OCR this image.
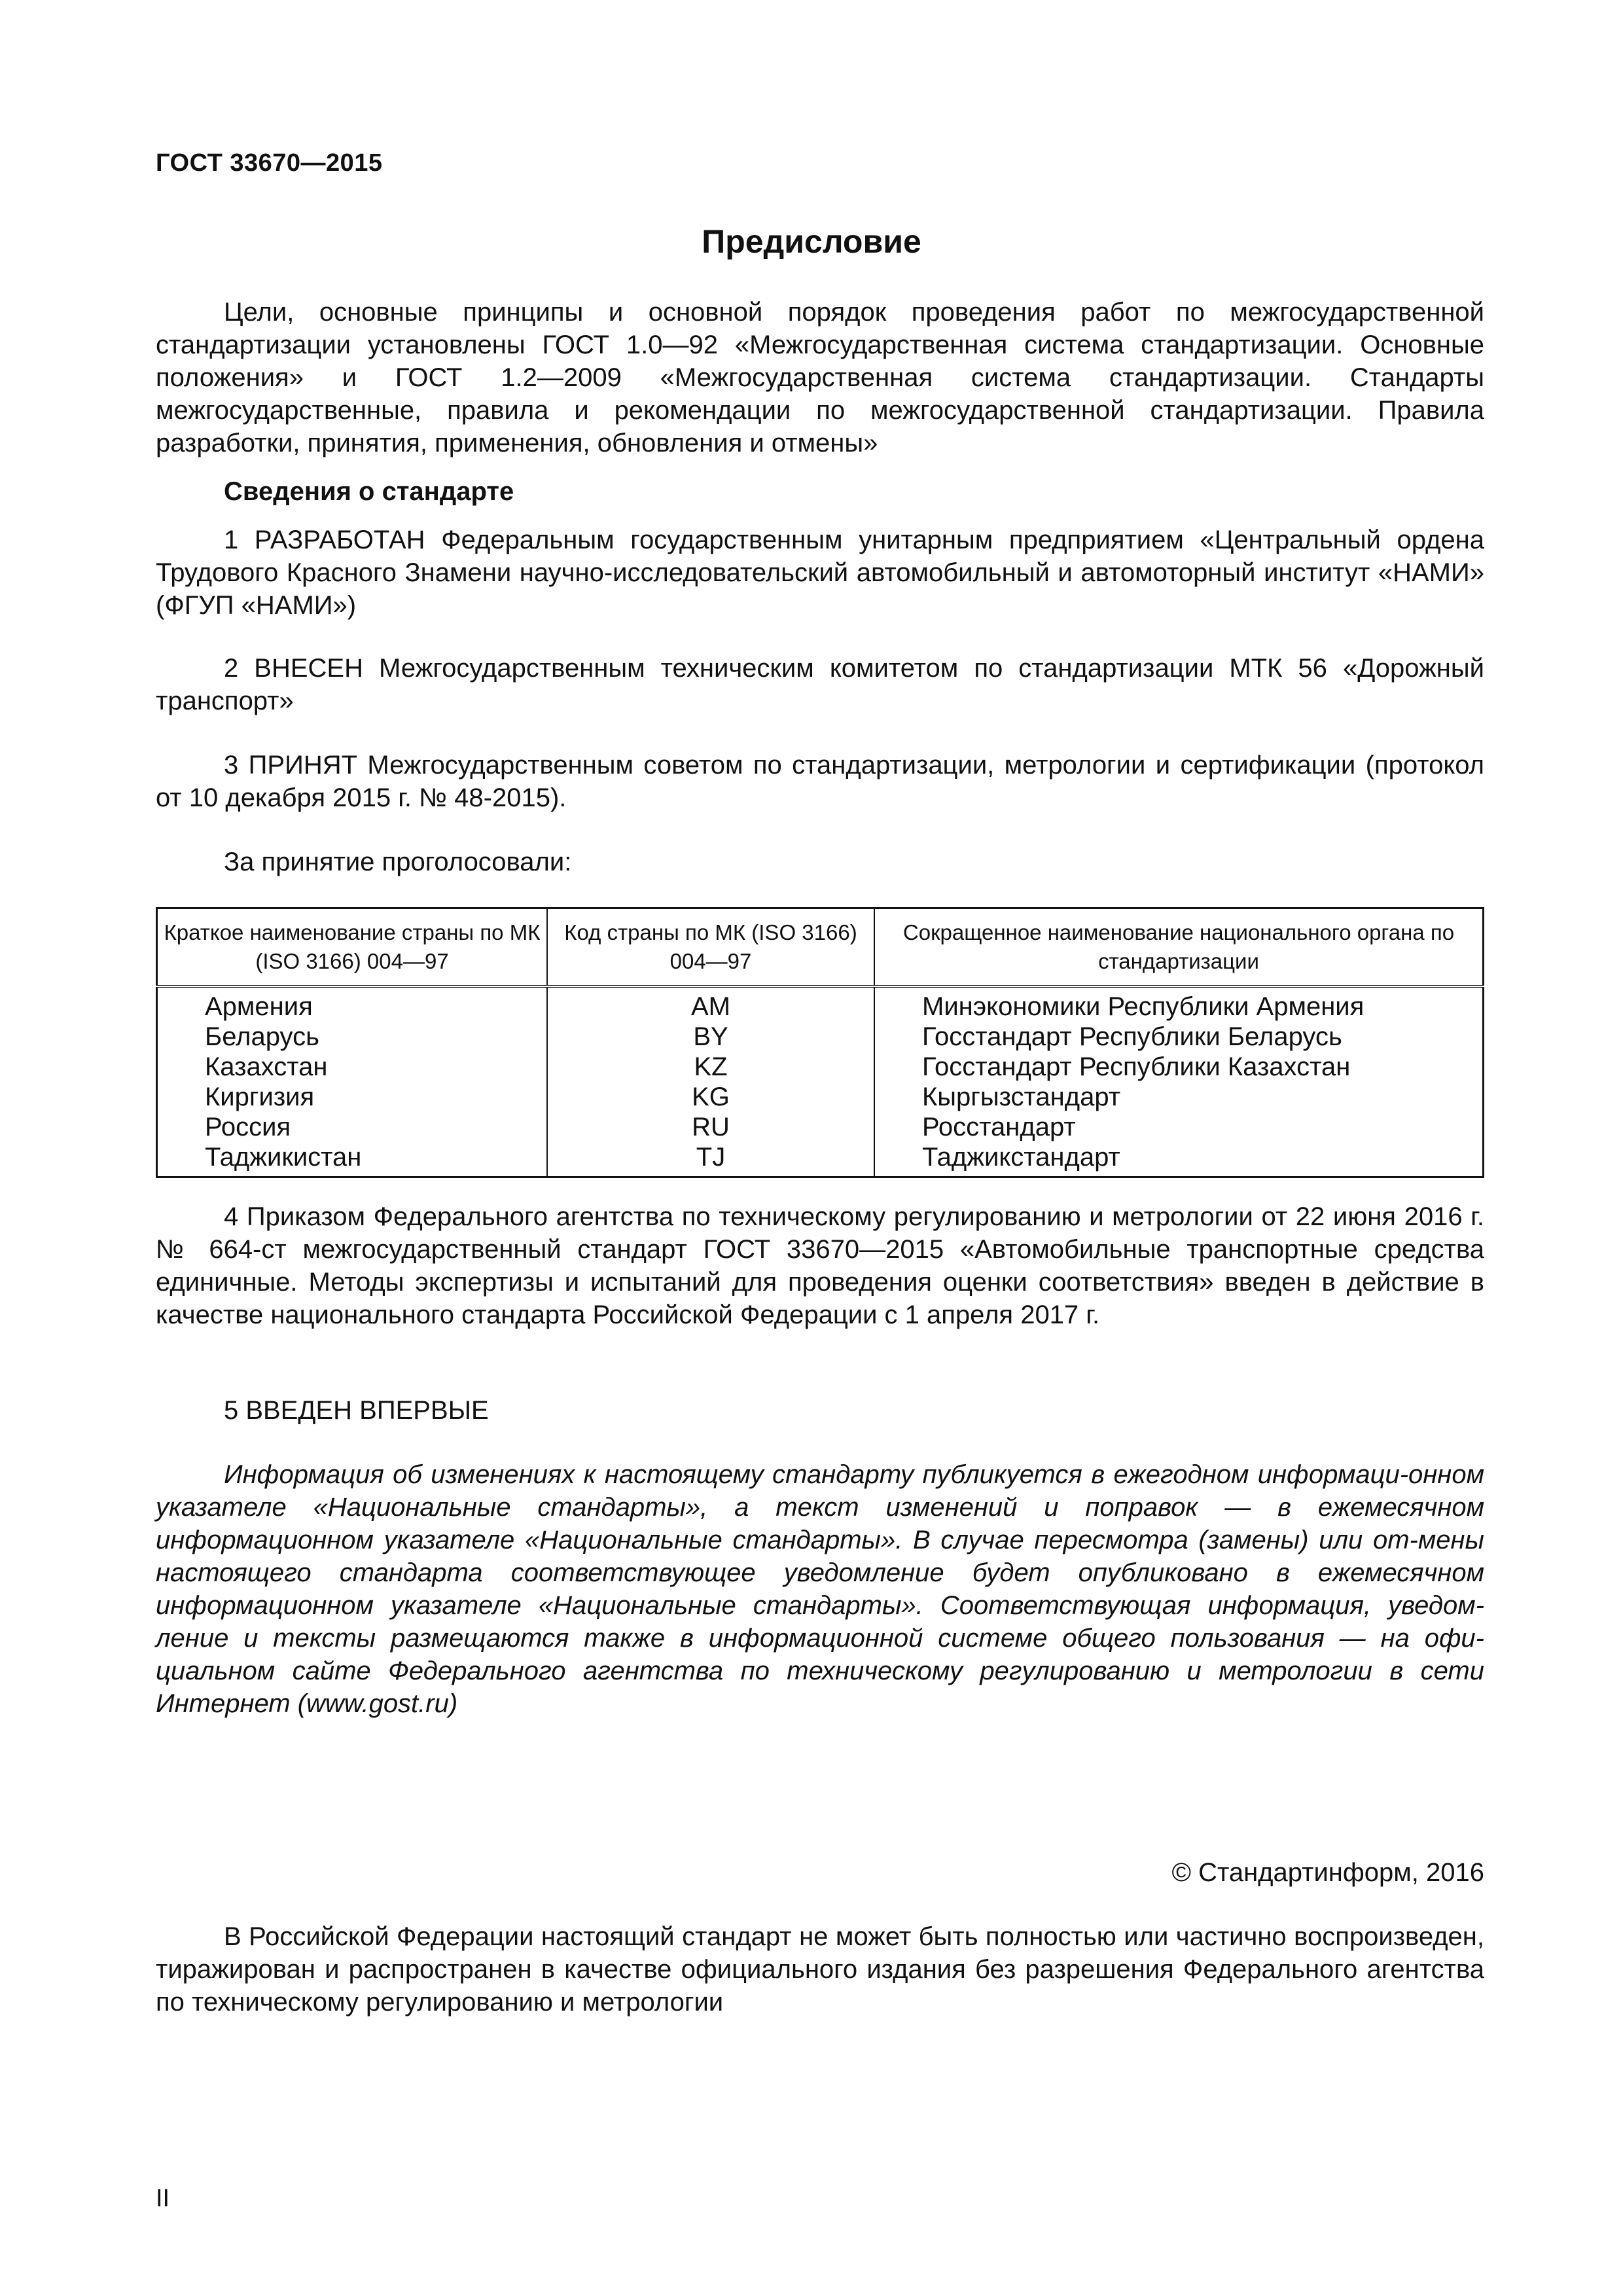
ГОСТ 33670—2015
Предисловие
Цели, основные принципы и основной порядок проведения работ по межгосударственной стандартизации установлены ГОСТ 1.0—92 «Межгосударственная система стандартизации. Основные положения» и ГОСТ 1.2—2009 «Межгосударственная система стандартизации. Стандарты межгосударственные, правила и рекомендации по межгосударственной стандартизации. Правила разработки, принятия, применения, обновления и отмены»
Сведения о стандарте
1 РАЗРАБОТАН Федеральным государственным унитарным предприятием «Центральный ордена Трудового Красного Знамени научно-исследовательский автомобильный и автомоторный институт «НАМИ» (ФГУП «НАМИ»)
2 ВНЕСЕН Межгосударственным техническим комитетом по стандартизации МТК 56 «Дорожный транспорт»
3 ПРИНЯТ Межгосударственным советом по стандартизации, метрологии и сертификации (протокол от 10 декабря 2015 г. № 48-2015).
За принятие проголосовали:
Краткое наименование страны по МК (ISO 3166) 004—97	Код страны по МК (ISO 3166) 004—97	Сокращенное наименование национального органа по стандартизации
Армения	AM	Минэкономики Республики Армения
Беларусь	BY	Госстандарт Республики Беларусь
Казахстан	KZ	Госстандарт Республики Казахстан
Киргизия	KG	Кыргызстандарт
Россия	RU	Росстандарт
Таджикистан	TJ	Таджикстандарт
4 Приказом Федерального агентства по техническому регулированию и метрологии от 22 июня 2016 г. № 664-ст межгосударственный стандарт ГОСТ 33670—2015 «Автомобильные транспортные средства единичные. Методы экспертизы и испытаний для проведения оценки соответствия» введен в действие в качестве национального стандарта Российской Федерации с 1 апреля 2017 г.
5 ВВЕДЕН ВПЕРВЫЕ
Информация об изменениях к настоящему стандарту публикуется в ежегодном информаци-онном указателе «Национальные стандарты», а текст изменений и поправок — в ежемесячном информационном указателе «Национальные стандарты». В случае пересмотра (замены) или от-мены настоящего стандарта соответствующее уведомление будет опубликовано в ежемесячном информационном указателе «Национальные стандарты». Соответствующая информация, уведом-ление и тексты размещаются также в информационной системе общего пользования — на офи-циальном сайте Федерального агентства по техническому регулированию и метрологии в сети Интернет (www.gost.ru)
© Стандартинформ, 2016
В Российской Федерации настоящий стандарт не может быть полностью или частично воспроизведен, тиражирован и распространен в качестве официального издания без разрешения Федерального агентства по техническому регулированию и метрологии
II
